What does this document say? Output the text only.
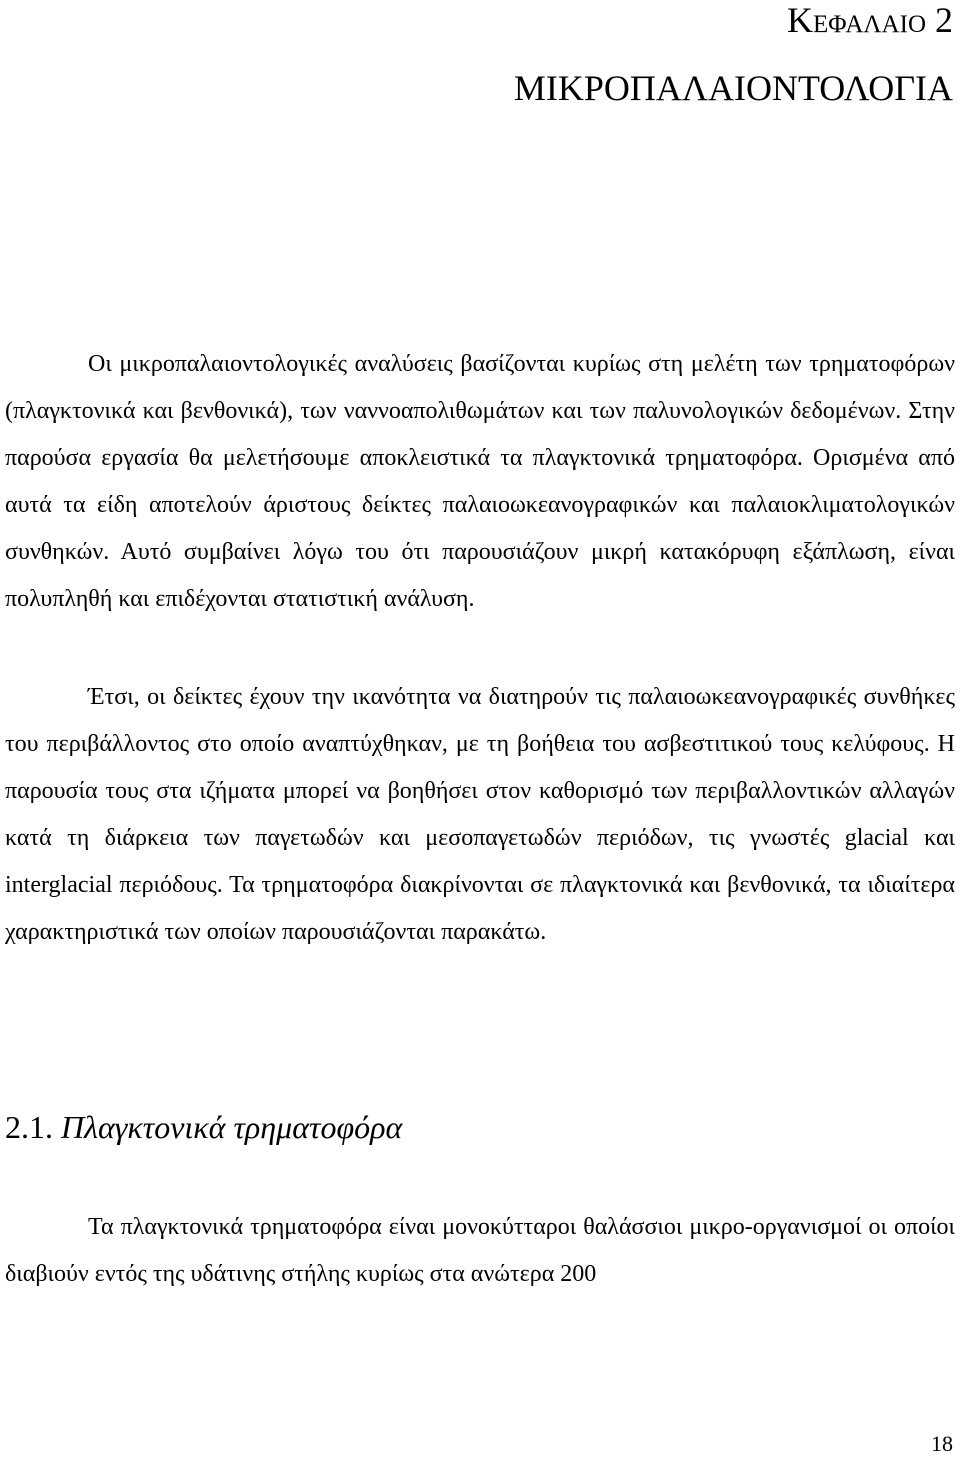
Κεφαλαιο 2
ΜΙΚΡΟΠΑΛΑΙΟΝΤΟΛΟΓΙΑ

Οι μικροπαλαιοντολογικές αναλύσεις βασίζονται κυρίως στη μελέτη των τρηματοφόρων (πλαγκτονικά και βενθονικά), των ναννοαπολιθωμάτων και των παλυνολογικών δεδομένων. Στην παρούσα εργασία θα μελετήσουμε αποκλειστικά τα πλαγκτονικά τρηματοφόρα. Ορισμένα από αυτά τα είδη αποτελούν άριστους δείκτες παλαιοωκεανογραφικών και παλαιοκλιματολογικών συνθηκών. Αυτό συμβαίνει λόγω του ότι παρουσιάζουν μικρή κατακόρυφη εξάπλωση, είναι πολυπληθή και επιδέχονται στατιστική ανάλυση.

Έτσι, οι δείκτες έχουν την ικανότητα να διατηρούν τις παλαιοωκεανογραφικές συνθήκες του περιβάλλοντος στο οποίο αναπτύχθηκαν, με τη βοήθεια του ασβεστιτικού τους κελύφους. Η παρουσία τους στα ιζήματα μπορεί να βοηθήσει στον καθορισμό των περιβαλλοντικών αλλαγών κατά τη διάρκεια των παγετωδών και μεσοπαγετωδών περιόδων, τις γνωστές glacial και interglacial περιόδους. Τα τρηματοφόρα διακρίνονται σε πλαγκτονικά και βενθονικά, τα ιδιαίτερα χαρακτηριστικά των οποίων παρουσιάζονται παρακάτω.

2.1. Πλαγκτονικά τρηματοφόρα

Τα πλαγκτονικά τρηματοφόρα είναι μονοκύτταροι θαλάσσιοι μικρο-οργανισμοί οι οποίοι διαβιούν εντός της υδάτινης στήλης κυρίως στα ανώτερα 200

18
